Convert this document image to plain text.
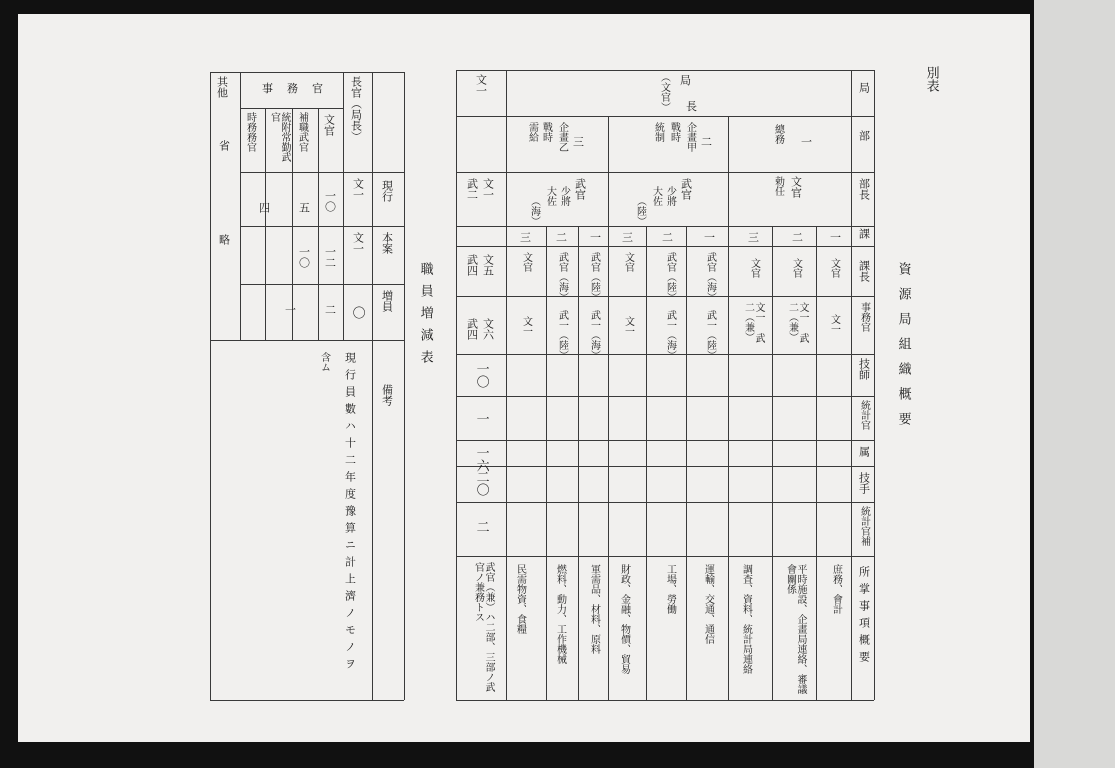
別表
資源局組織概要
職員増減表
局
部
部長
課
課長
事務官
技師
統計官
属
技手
統計官補
所掌事項概要
局
（文官） 長
文一
文一
武二
文五
武四
文六
武四
一〇
一
一六
二〇
二
武官（兼）ハ二部、三部ノ武官ノ兼務トス
三
企畫乙
戰時
需給
武官
少將
大佐
（海）
一
二
三
武官（陸）
武官（海）
文官
武一（海）
武一（陸）
文一
軍需品、材料、原料
燃料、動力、工作機械
民需物資、食糧
二
企畫甲
戰時
統制
武官
少將
大佐
（陸）
一
二
三
武官（海）
武官（陸）
文官
武一（陸）
武一（海）
文一
運輸、交通、通信
工場、勞働
財政、金融、物價、貿易
一
總務
文官
勅任
一
二
三
文官
文官
文官
文一
文一 武二（兼）
文一 武二（兼）
庶務、會計
平時施設、企畫局連絡、審議會關係
調査、資料、統計局連絡
長官（局長）
事務官
其他
文官
補職武官
統附常勤武官
時務務官
現行
本案
増員
備考
文一
一〇
五
四
文一
一二
一〇
〇
二
一
省
略
現行員數ハ十二年度豫算ニ計上濟ノモノヲ
含ム
